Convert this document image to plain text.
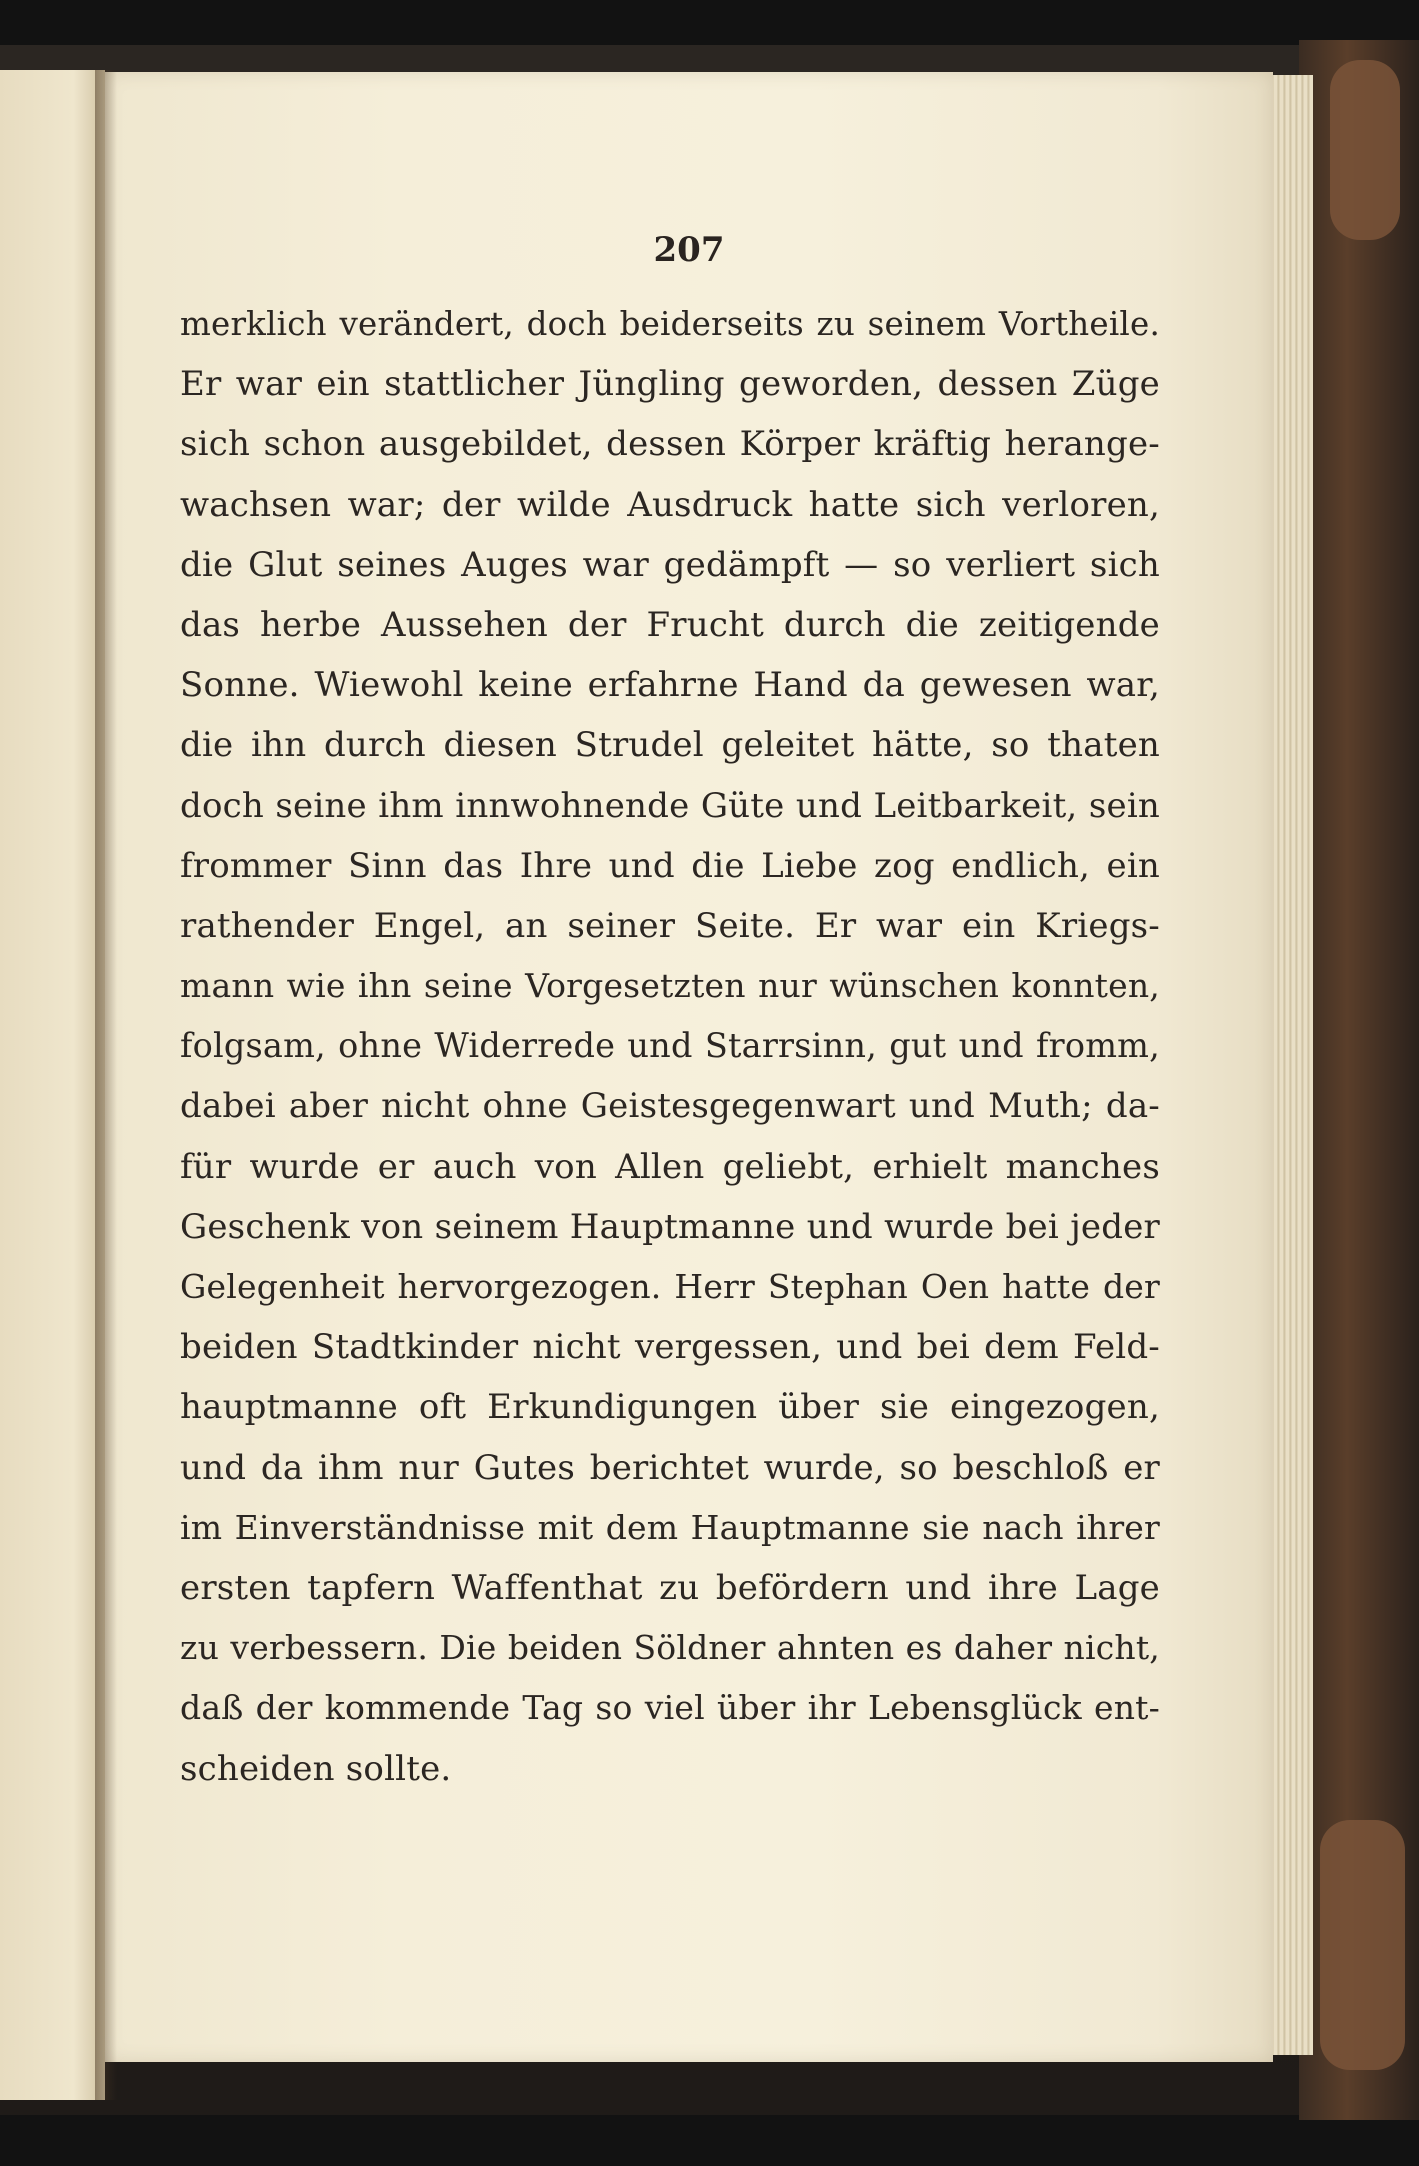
207
merklich verändert, doch beiderseits zu seinem Vortheile.
Er war ein stattlicher Jüngling geworden, dessen Züge
sich schon ausgebildet, dessen Körper kräftig herange-
wachsen war; der wilde Ausdruck hatte sich verloren,
die Glut seines Auges war gedämpft — so verliert sich
das herbe Aussehen der Frucht durch die zeitigende
Sonne. Wiewohl keine erfahrne Hand da gewesen war,
die ihn durch diesen Strudel geleitet hätte, so thaten
doch seine ihm innwohnende Güte und Leitbarkeit, sein
frommer Sinn das Ihre und die Liebe zog endlich, ein
rathender Engel, an seiner Seite. Er war ein Kriegs-
mann wie ihn seine Vorgesetzten nur wünschen konnten,
folgsam, ohne Widerrede und Starrsinn, gut und fromm,
dabei aber nicht ohne Geistesgegenwart und Muth; da-
für wurde er auch von Allen geliebt, erhielt manches
Geschenk von seinem Hauptmanne und wurde bei jeder
Gelegenheit hervorgezogen. Herr Stephan Oen hatte der
beiden Stadtkinder nicht vergessen, und bei dem Feld-
hauptmanne oft Erkundigungen über sie eingezogen,
und da ihm nur Gutes berichtet wurde, so beschloß er
im Einverständnisse mit dem Hauptmanne sie nach ihrer
ersten tapfern Waffenthat zu befördern und ihre Lage
zu verbessern. Die beiden Söldner ahnten es daher nicht,
daß der kommende Tag so viel über ihr Lebensglück ent-
scheiden sollte.
